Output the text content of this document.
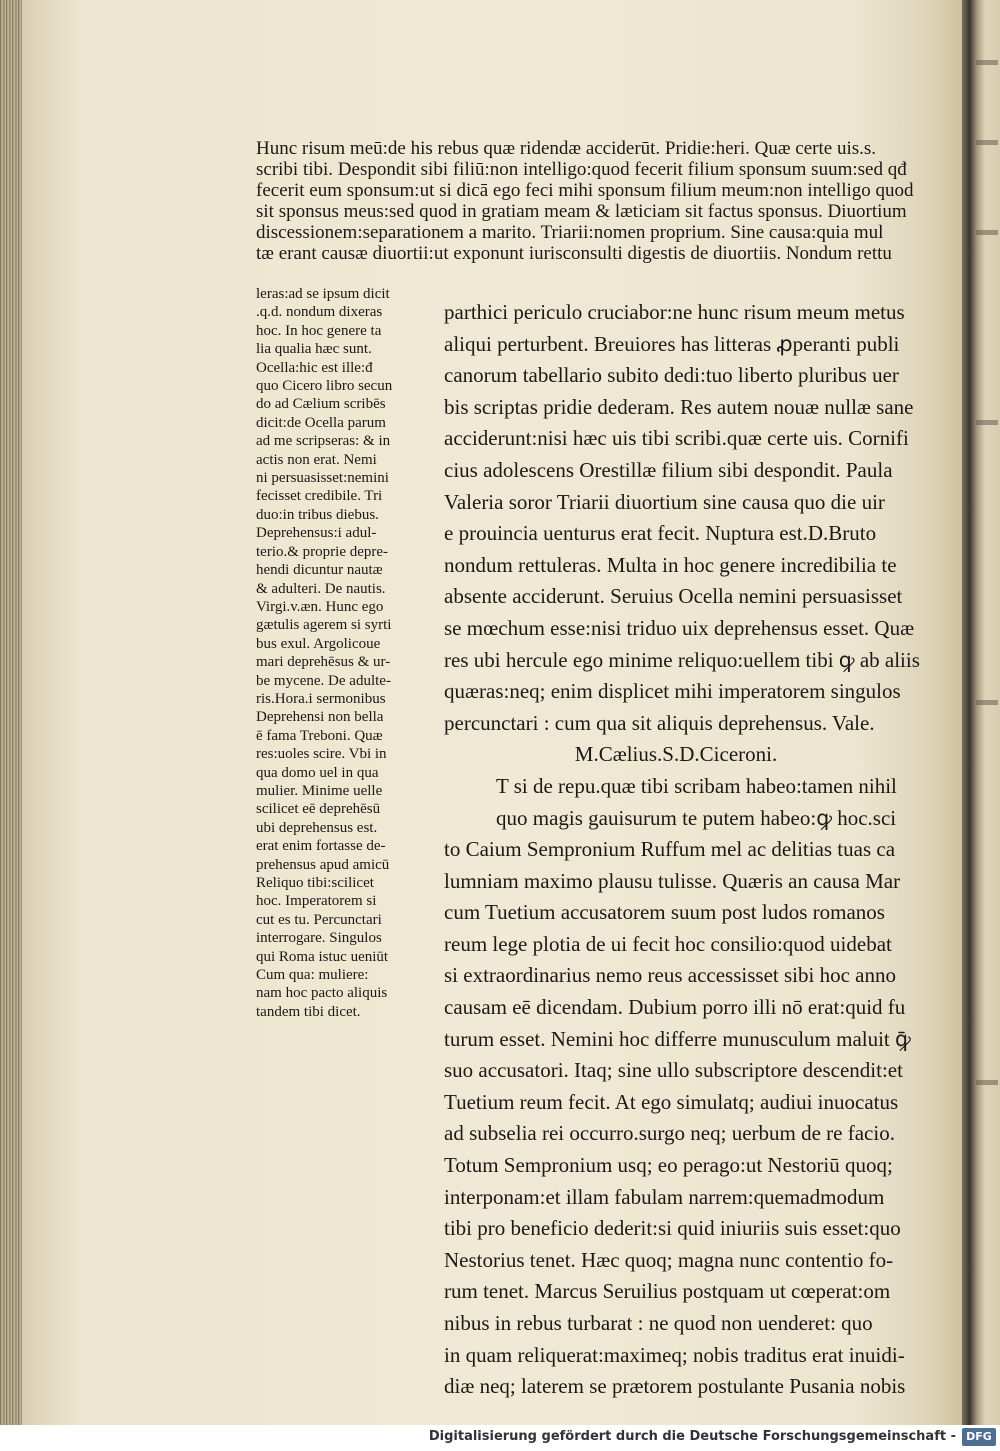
Hunc risum meū:de his rebus quæ ridendæ acciderūt. Pridie:heri. Quæ certe uis.s.
scribi tibi. Despondit sibi filiū:non intelligo:quod fecerit filium sponsum suum:sed qđ
fecerit eum sponsum:ut si dicā ego feci mihi sponsum filium meum:non intelligo quod
sit sponsus meus:sed quod in gratiam meam & læticiam sit factus sponsus. Diuortium
discessionem:separationem a marito. Triarii:nomen proprium. Sine causa:quia mul
tæ erant causæ diuortii:ut exponunt iurisconsulti digestis de diuortiis. Nondum rettu
leras:ad se ipsum dicit
.q.d. nondum dixeras
hoc. In hoc genere ta
lia qualia hæc sunt.
Ocella:hic est ille:đ
quo Cicero libro secun
do ad Cælium scribēs
dicit:de Ocella parum
ad me scripseras: & in
actis non erat. Nemi
ni persuasisset:nemini
fecisset credibile. Tri
duo:in tribus diebus.
Deprehensus:i adul-
terio.& proprie depre-
hendi dicuntur nautæ
& adulteri. De nautis.
Virgi.v.æn. Hunc ego
gætulis agerem si syrti
bus exul. Argolicoue
mari deprehēsus & ur-
be mycene. De adulte-
ris.Hora.i sermonibus
Deprehensi non bella
ē fama Treboni. Quæ
res:uoles scire. Vbi in
qua domo uel in qua
mulier. Minime uelle
scilicet eē deprehēsū
ubi deprehensus est.
erat enim fortasse de-
prehensus apud amicū
Reliquo tibi:scilicet
hoc. Imperatorem si
cut es tu. Percunctari
interrogare. Singulos
qui Roma istuc ueniūt
Cum qua: muliere:
nam hoc pacto aliquis
tandem tibi dicet.
parthici periculo cruciabor:ne hunc risum meum metus
aliqui perturbent. Breuiores has litteras ꝓperanti publi
canorum tabellario subito dedi:tuo liberto pluribus uer
bis scriptas pridie dederam. Res autem nouæ nullæ sane
acciderunt:nisi hæc uis tibi scribi.quæ certe uis. Cornifi
cius adolescens Orestillæ filium sibi despondit. Paula
Valeria soror Triarii diuortium sine causa quo die uir
e prouincia uenturus erat fecit. Nuptura est.D.Bruto
nondum rettuleras. Multa in hoc genere incredibilia te
absente acciderunt. Seruius Ocella nemini persuasisset
se mœchum esse:nisi triduo uix deprehensus esset. Quæ
res ubi hercule ego minime reliquo:uellem tibi ꝙ ab aliis
quæras:neq; enim displicet mihi imperatorem singulos
percunctari : cum qua sit aliquis deprehensus. Vale.
M.Cælius.S.D.Ciceroni.
T si de repu.quæ tibi scribam habeo:tamen nihil
quo magis gauisurum te putem habeo:ꝙ hoc.sci
to Caium Sempronium Ruffum mel ac delitias tuas ca
lumniam maximo plausu tulisse. Quæris an causa Mar
cum Tuetium accusatorem suum post ludos romanos
reum lege plotia de ui fecit hoc consilio:quod uidebat
si extraordinarius nemo reus accessisset sibi hoc anno
causam eē dicendam. Dubium porro illi nō erat:quid fu
turum esset. Nemini hoc differre munusculum maluit ꝙ̄
suo accusatori. Itaq; sine ullo subscriptore descendit:et
Tuetium reum fecit. At ego simulatq; audiui inuocatus
ad subselia rei occurro.surgo neq; uerbum de re facio.
Totum Sempronium usq; eo perago:ut Nestoriū quoq;
interponam:et illam fabulam narrem:quemadmodum
tibi pro beneficio dederit:si quid iniuriis suis esset:quo
Nestorius tenet. Hæc quoq; magna nunc contentio fo-
rum tenet. Marcus Seruilius postquam ut cœperat:om
nibus in rebus turbarat : ne quod non uenderet: quo
in quam reliquerat:maximeq; nobis traditus erat inuidi-
diæ neq; laterem se prætorem postulante Pusania nobis
Digitalisierung gefördert durch die Deutsche Forschungsgemeinschaft - DFG
